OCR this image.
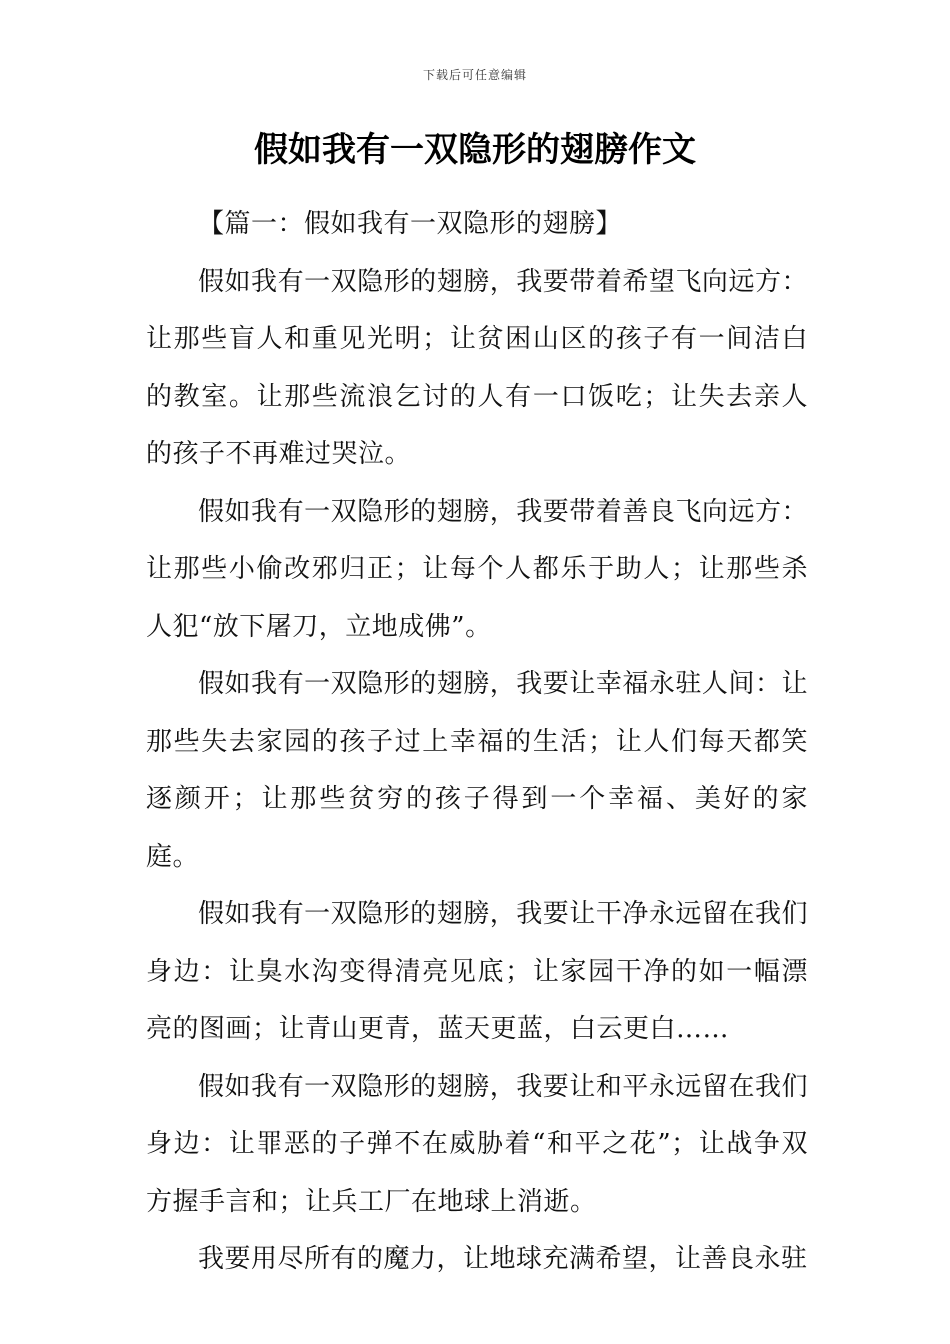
下载后可任意编辑
假如我有一双隐形的翅膀作文

【篇一：假如我有一双隐形的翅膀】

假如我有一双隐形的翅膀，我要带着希望飞向远方：让那些盲人和重见光明；让贫困山区的孩子有一间洁白的教室。让那些流浪乞讨的人有一口饭吃；让失去亲人的孩子不再难过哭泣。

假如我有一双隐形的翅膀，我要带着善良飞向远方：让那些小偷改邪归正；让每个人都乐于助人；让那些杀人犯“放下屠刀，立地成佛”。

假如我有一双隐形的翅膀，我要让幸福永驻人间：让那些失去家园的孩子过上幸福的生活；让人们每天都笑逐颜开；让那些贫穷的孩子得到一个幸福、美好的家庭。

假如我有一双隐形的翅膀，我要让干净永远留在我们身边：让臭水沟变得清亮见底；让家园干净的如一幅漂亮的图画；让青山更青，蓝天更蓝，白云更白……

假如我有一双隐形的翅膀，我要让和平永远留在我们身边：让罪恶的子弹不在威胁着“和平之花”；让战争双方握手言和；让兵工厂在地球上消逝。

我要用尽所有的魔力，让地球充满希望，让善良永驻
